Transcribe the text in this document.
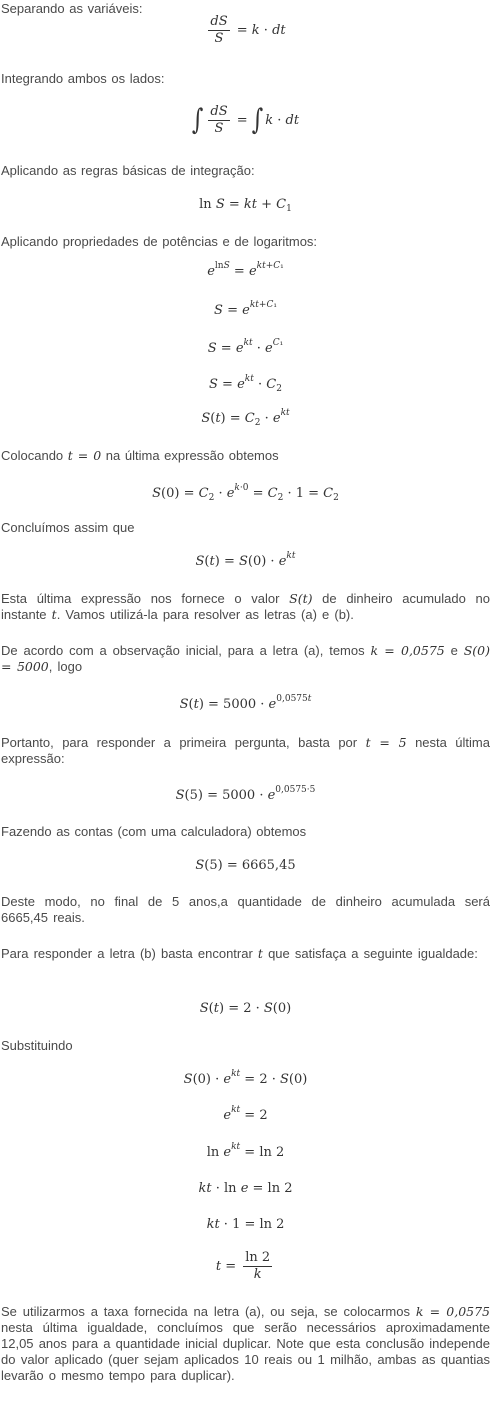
Separando as variáveis:
$\frac{dS}{S} = k$ · dt
Integrando ambos os lados:
∫ $\frac{dS}{S}$ = ∫ k · dt
Aplicando as regras básicas de integração:
ln S = kt + $C_1$
Aplicando propriedades de potências e de logaritmos:
$e^{lnS} = e^{kt+C_1}$
$S = e^{kt+C_1}$
$S = e^{kt} \cdot e^{C_1}$
$S = e^{kt} \cdot C_2$
$S(t) = C_2 \cdot e^{kt}$
Colocando t = 0 na última expressão obtemos
$S(0) = C_2 \cdot e^{k\cdot 0} = C_2 \cdot 1 = C_2$
Concluímos assim que
$S(t) = S(0) \cdot e^{kt}$
Esta última expressão nos fornece o valor S(t) de dinheiro acumulado no instante t. Vamos utilizá-la para resolver as letras (a) e (b).
De acordo com a observação inicial, para a letra (a), temos k = 0,0575 e S(0) = 5000, logo
$S(t) = 5000 \cdot e^{0,0575t}$
Portanto, para responder a primeira pergunta, basta por t = 5 nesta última expressão:
$S(5) = 5000 \cdot e^{0,0575\cdot 5}$
Fazendo as contas (com uma calculadora) obtemos
S(5) = 6665,45
Deste modo, no final de 5 anos,a quantidade de dinheiro acumulada será 6665,45 reais.
Para responder a letra (b) basta encontrar t que satisfaça a seguinte igualdade:
S(t) = 2 · S(0)
Substituindo
$S(0) \cdot e^{kt} = 2 \cdot S(0)$
$e^{kt} = 2$
$\ln e^{kt} = \ln 2$
kt · ln e = ln 2
kt · 1 = ln 2
$t = \frac{\ln 2}{k}$
Se utilizarmos a taxa fornecida na letra (a), ou seja, se colocarmos k = 0,0575 nesta última igualdade, concluímos que serão necessários aproximadamente 12,05 anos para a quantidade inicial duplicar. Note que esta conclusão independe do valor aplicado (quer sejam aplicados 10 reais ou 1 milhão, ambas as quantias levarão o mesmo tempo para duplicar).
